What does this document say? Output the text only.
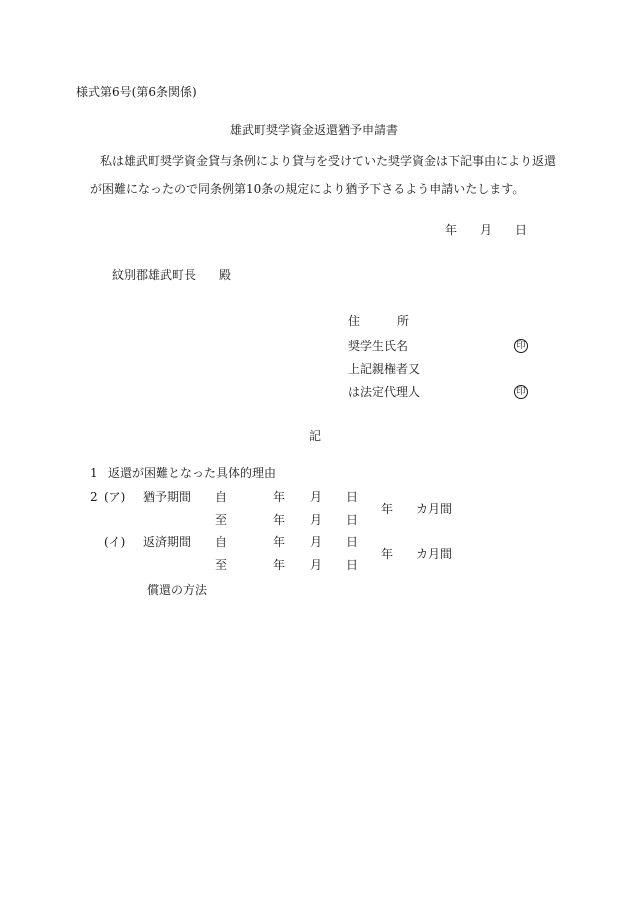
様式第6号(第6条関係)
雄武町奨学資金返還猶予申請書
私は雄武町奨学資金貸与条例により貸与を受けていた奨学資金は下記事由により返還
が困難になったので同条例第10条の規定により猶予下さるよう申請いたします。
年 月 日
紋別郡雄武町長 殿
住	所
奨学生氏名	印
上記親権者又
は法定代理人	印
記
1 返還が困難となった具体的理由
2 (ア) 猶予期間 自	年 月 日
至	年 月 日
年 カ月間
(イ) 返済期間 自	年 月 日
至	年 月 日
年 カ月間
償還の方法
